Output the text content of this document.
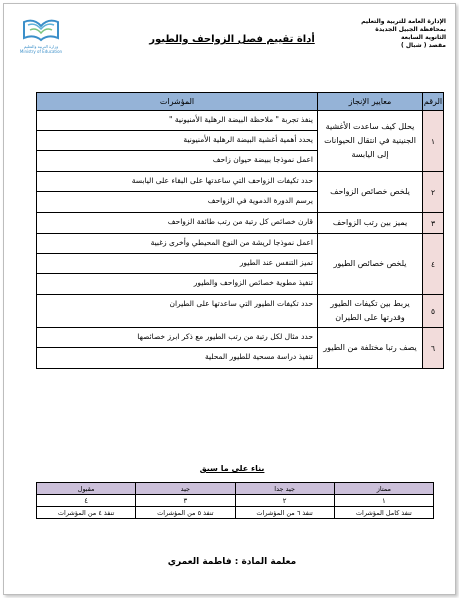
الإدارة العامة للتربية والتعليم
بمحافظة الجبيل الجديدة
الثانوية السابعة
مقصد ( شبال )
وزارة التربية والتعليم
Ministry of Education
أداة تقييم فصل الزواحف والطيور
الرقم	معايير الإنجاز	المؤشرات
١	يحلل كيف ساعدت الأغشية الجنينية في انتقال الحيوانات إلى اليابسة	ينفذ تجربة " ملاحظة البيضة الرهلية الأمنيونية "
يحدد أهمية أغشية البيضة الرهلية الأمنيونية
اعمل نموذجا ببيضة حيوان زاحف

٢	يلخص خصائص الزواحف	حدد تكيفات الزواحف التي ساعدتها على البقاء على اليابسة
يرسم الدورة الدموية في الزواحف

٣	يميز بين رتب الزواحف	قارن خصائص كل رتبة من رتب طائفة الزواحف

٤	يلخص خصائص الطيور	اعمل نموذجا لريشة من النوع المحيطي وأخرى زغبية
تميز التنفس عند الطيور
تنفيذ مطوية خصائص الزواحف والطيور

٥	يربط بين تكيفات الطيور وقدرتها على الطيران	حدد تكيفات الطيور التي ساعدتها على الطيران

٦	يصف رتبا مختلفة من الطيور	حدد مثال لكل رتبة من رتب الطيور مع ذكر ابرز خصائصها
تنفيذ دراسة مسحية للطيور المحلية
بناء على ما سبق
ممتاز	جيد جدا	جيد	مقبول
١	٢	٣	٤
تنفذ كامل المؤشرات	تنفذ ٦ من المؤشرات	تنفذ ٥ من المؤشرات	تنفذ ٤ من المؤشرات
معلمة المادة : فاطمة العمري
